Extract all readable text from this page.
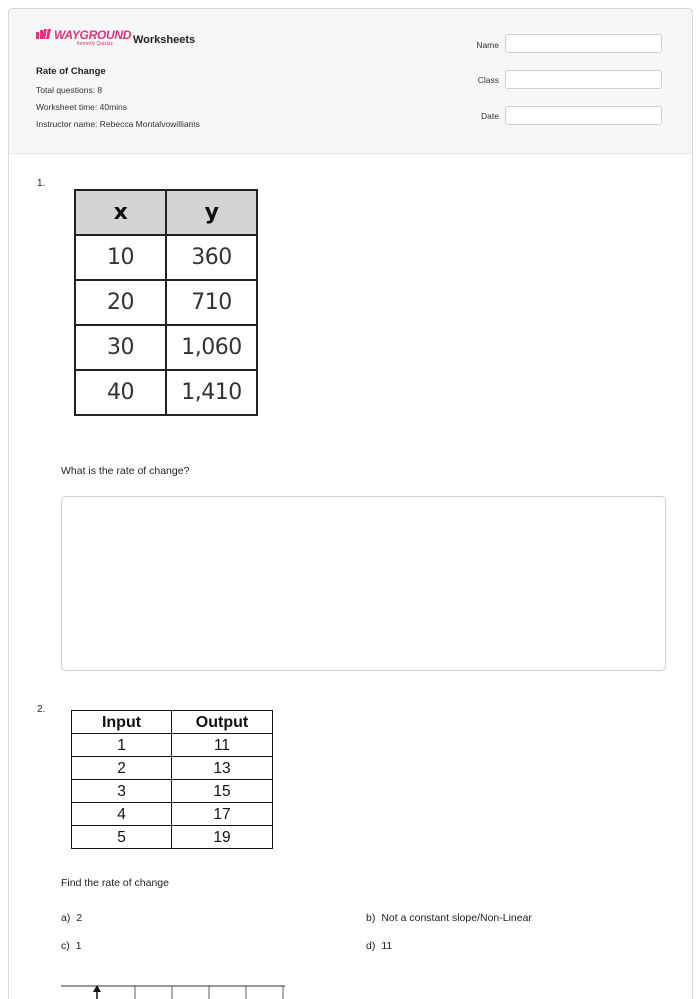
WAYGROUND
formerly Quizizz	Worksheets
Rate of Change
Total questions: 8
Worksheet time: 40mins
Instructor name: Rebecca Montalvowilliams
Name
Class
Date
1.
x	y
10	360
20	710
30	1,060
40	1,410
What is the rate of change?
2.
Input	Output
1	11
2	13
3	15
4	17
5	19
Find the rate of change
a) 2	b) Not a constant slope/Non-Linear
c) 1	d) 11
